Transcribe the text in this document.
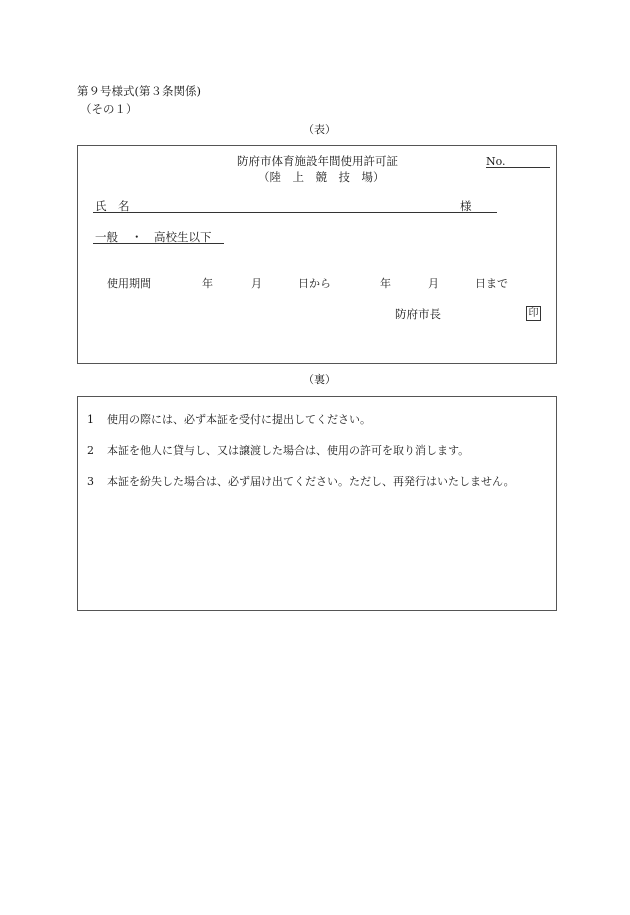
第９号様式(第３条関係)
（その１）
（表）
防府市体育施設年間使用許可証
（陸　上　競　技　場）
No.
氏　名	様
一般 ・ 高校生以下
使用期間	年	月	日から	年	月	日まで
防府市長	印
（裏）
1 使用の際には、必ず本証を受付に提出してください。
2 本証を他人に貸与し、又は譲渡した場合は、使用の許可を取り消します。
3 本証を紛失した場合は、必ず届け出てください。ただし、再発行はいたしません。
